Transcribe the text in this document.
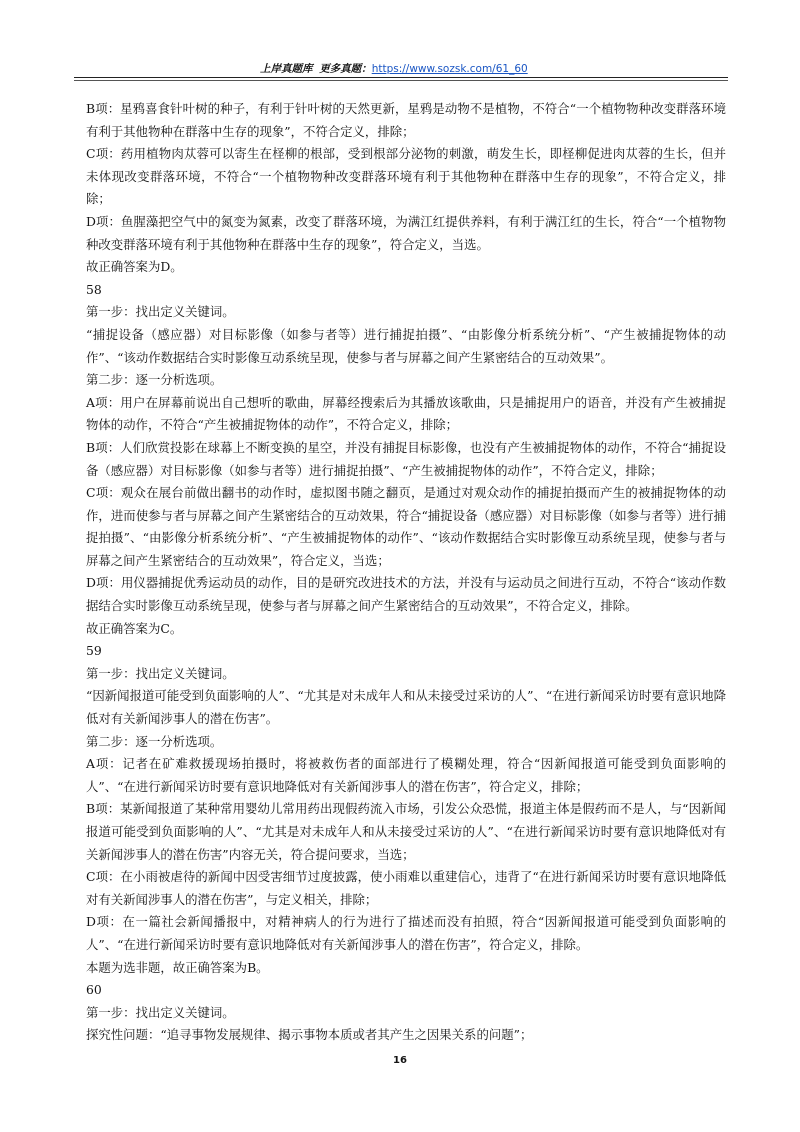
上岸真题库 更多真题：https://www.sozsk.com/61_60

B项：星鸦喜食针叶树的种子，有利于针叶树的天然更新，星鸦是动物不是植物，不符合“一个植物物种改变群落环境有利于其他物种在群落中生存的现象”，不符合定义，排除；

C项：药用植物肉苁蓉可以寄生在柽柳的根部，受到根部分泌物的刺激，萌发生长，即柽柳促进肉苁蓉的生长，但并未体现改变群落环境，不符合“一个植物物种改变群落环境有利于其他物种在群落中生存的现象”，不符合定义，排除；

D项：鱼腥藻把空气中的氮变为氮素，改变了群落环境，为满江红提供养料，有利于满江红的生长，符合“一个植物物种改变群落环境有利于其他物种在群落中生存的现象”，符合定义，当选。

故正确答案为D。

58

第一步：找出定义关键词。

“捕捉设备（感应器）对目标影像（如参与者等）进行捕捉拍摄”、“由影像分析系统分析”、“产生被捕捉物体的动作”、“该动作数据结合实时影像互动系统呈现，使参与者与屏幕之间产生紧密结合的互动效果”。

第二步：逐一分析选项。

A项：用户在屏幕前说出自己想听的歌曲，屏幕经搜索后为其播放该歌曲，只是捕捉用户的语音，并没有产生被捕捉物体的动作，不符合“产生被捕捉物体的动作”，不符合定义，排除；

B项：人们欣赏投影在球幕上不断变换的星空，并没有捕捉目标影像，也没有产生被捕捉物体的动作，不符合“捕捉设备（感应器）对目标影像（如参与者等）进行捕捉拍摄”、“产生被捕捉物体的动作”，不符合定义，排除；

C项：观众在展台前做出翻书的动作时，虚拟图书随之翻页，是通过对观众动作的捕捉拍摄而产生的被捕捉物体的动作，进而使参与者与屏幕之间产生紧密结合的互动效果，符合“捕捉设备（感应器）对目标影像（如参与者等）进行捕捉拍摄”、“由影像分析系统分析”、“产生被捕捉物体的动作”、“该动作数据结合实时影像互动系统呈现，使参与者与屏幕之间产生紧密结合的互动效果”，符合定义，当选；

D项：用仪器捕捉优秀运动员的动作，目的是研究改进技术的方法，并没有与运动员之间进行互动，不符合“该动作数据结合实时影像互动系统呈现，使参与者与屏幕之间产生紧密结合的互动效果”，不符合定义，排除。

故正确答案为C。

59

第一步：找出定义关键词。

“因新闻报道可能受到负面影响的人”、“尤其是对未成年人和从未接受过采访的人”、“在进行新闻采访时要有意识地降低对有关新闻涉事人的潜在伤害”。

第二步：逐一分析选项。

A项：记者在矿难救援现场拍摄时，将被救伤者的面部进行了模糊处理，符合“因新闻报道可能受到负面影响的人”、“在进行新闻采访时要有意识地降低对有关新闻涉事人的潜在伤害”，符合定义，排除；

B项：某新闻报道了某种常用婴幼儿常用药出现假药流入市场，引发公众恐慌，报道主体是假药而不是人，与“因新闻报道可能受到负面影响的人”、“尤其是对未成年人和从未接受过采访的人”、“在进行新闻采访时要有意识地降低对有关新闻涉事人的潜在伤害”内容无关，符合提问要求，当选；

C项：在小雨被虐待的新闻中因受害细节过度披露，使小雨难以重建信心，违背了“在进行新闻采访时要有意识地降低对有关新闻涉事人的潜在伤害”，与定义相关，排除；

D项：在一篇社会新闻播报中，对精神病人的行为进行了描述而没有拍照，符合“因新闻报道可能受到负面影响的人”、“在进行新闻采访时要有意识地降低对有关新闻涉事人的潜在伤害”，符合定义，排除。

本题为选非题，故正确答案为B。

60

第一步：找出定义关键词。

探究性问题：“追寻事物发展规律、揭示事物本质或者其产生之因果关系的问题”；

16
